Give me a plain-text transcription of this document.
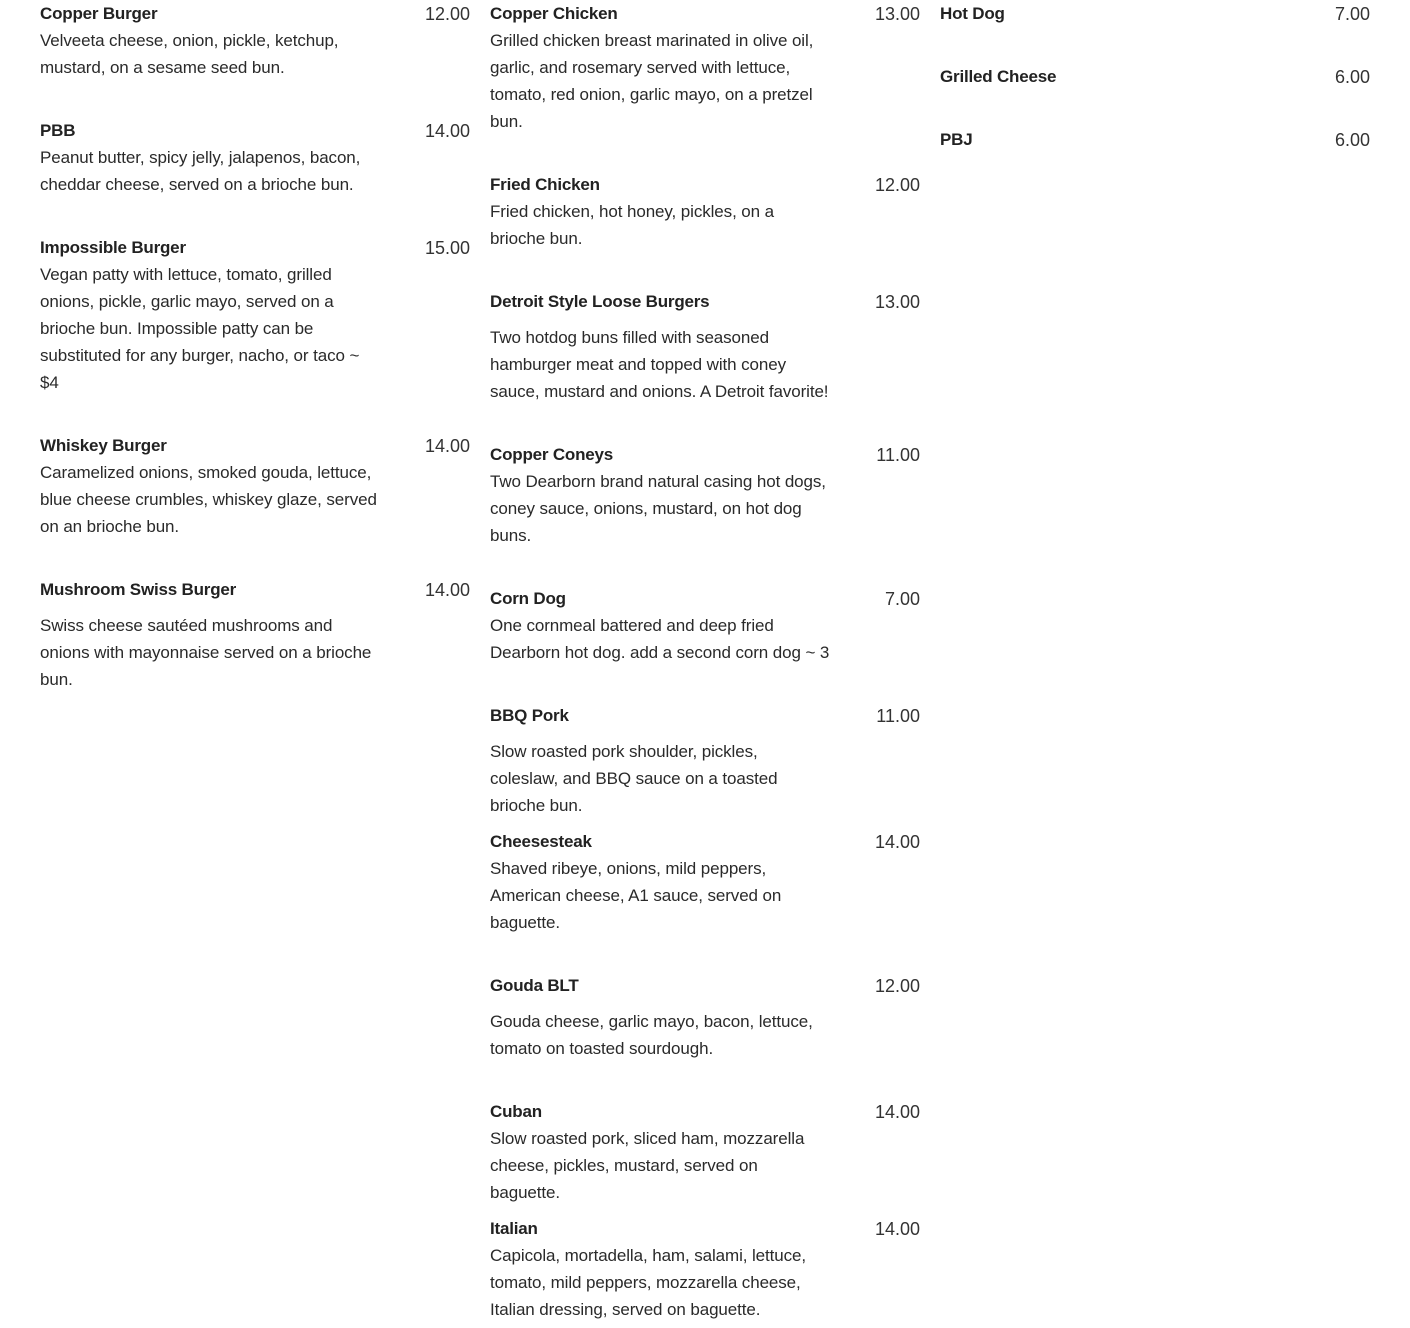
Copper Burger	12.00
Velveeta cheese, onion, pickle, ketchup, mustard, on a sesame seed bun.
PBB	14.00
Peanut butter, spicy jelly, jalapenos, bacon, cheddar cheese, served on a brioche bun.
Impossible Burger	15.00
Vegan patty with lettuce, tomato, grilled onions, pickle, garlic mayo, served on a brioche bun. Impossible patty can be substituted for any burger, nacho, or taco ~ $4
Whiskey Burger	14.00
Caramelized onions, smoked gouda, lettuce, blue cheese crumbles, whiskey glaze, served on an brioche bun.
Mushroom Swiss Burger	14.00
Swiss cheese sautéed mushrooms and onions with mayonnaise served on a brioche bun.
Copper Chicken	13.00
Grilled chicken breast marinated in olive oil, garlic, and rosemary served with lettuce, tomato, red onion, garlic mayo, on a pretzel bun.
Fried Chicken	12.00
Fried chicken, hot honey, pickles, on a brioche bun.
Detroit Style Loose Burgers	13.00
Two hotdog buns filled with seasoned hamburger meat and topped with coney sauce, mustard and onions. A Detroit favorite!
Copper Coneys	11.00
Two Dearborn brand natural casing hot dogs, coney sauce, onions, mustard, on hot dog buns.
Corn Dog	7.00
One cornmeal battered and deep fried Dearborn hot dog. add a second corn dog ~ 3
BBQ Pork	11.00
Slow roasted pork shoulder, pickles, coleslaw, and BBQ sauce on a toasted brioche bun.
Cheesesteak	14.00
Shaved ribeye, onions, mild peppers, American cheese, A1 sauce, served on baguette.
Gouda BLT	12.00
Gouda cheese, garlic mayo, bacon, lettuce, tomato on toasted sourdough.
Cuban	14.00
Slow roasted pork, sliced ham, mozzarella cheese, pickles, mustard, served on baguette.
Italian	14.00
Capicola, mortadella, ham, salami, lettuce, tomato, mild peppers, mozzarella cheese, Italian dressing, served on baguette.
Hot Dog	7.00
Grilled Cheese	6.00
PBJ	6.00
